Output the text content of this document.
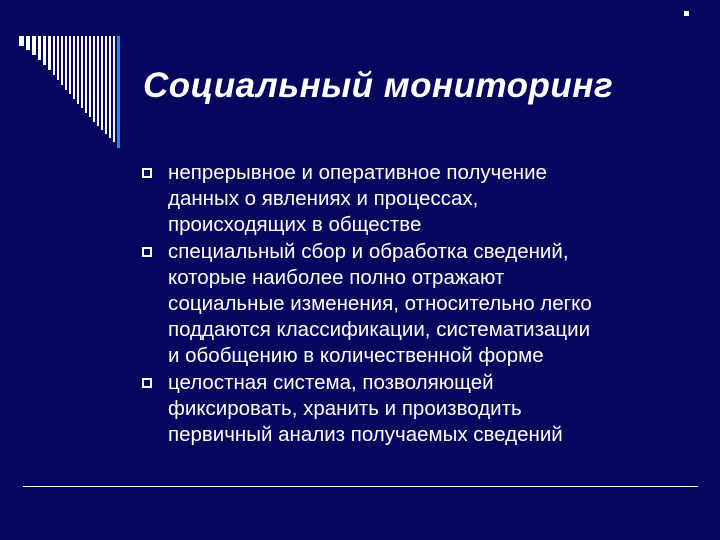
Социальный мониторинг
непрерывное и оперативное получение
данных о явлениях и процессах,
происходящих в обществе
специальный сбор и обработка сведений,
которые наиболее полно отражают
социальные изменения, относительно легко
поддаются классификации, систематизации
и обобщению в количественной форме
целостная система, позволяющей
фиксировать, хранить и производить
первичный анализ получаемых сведений
